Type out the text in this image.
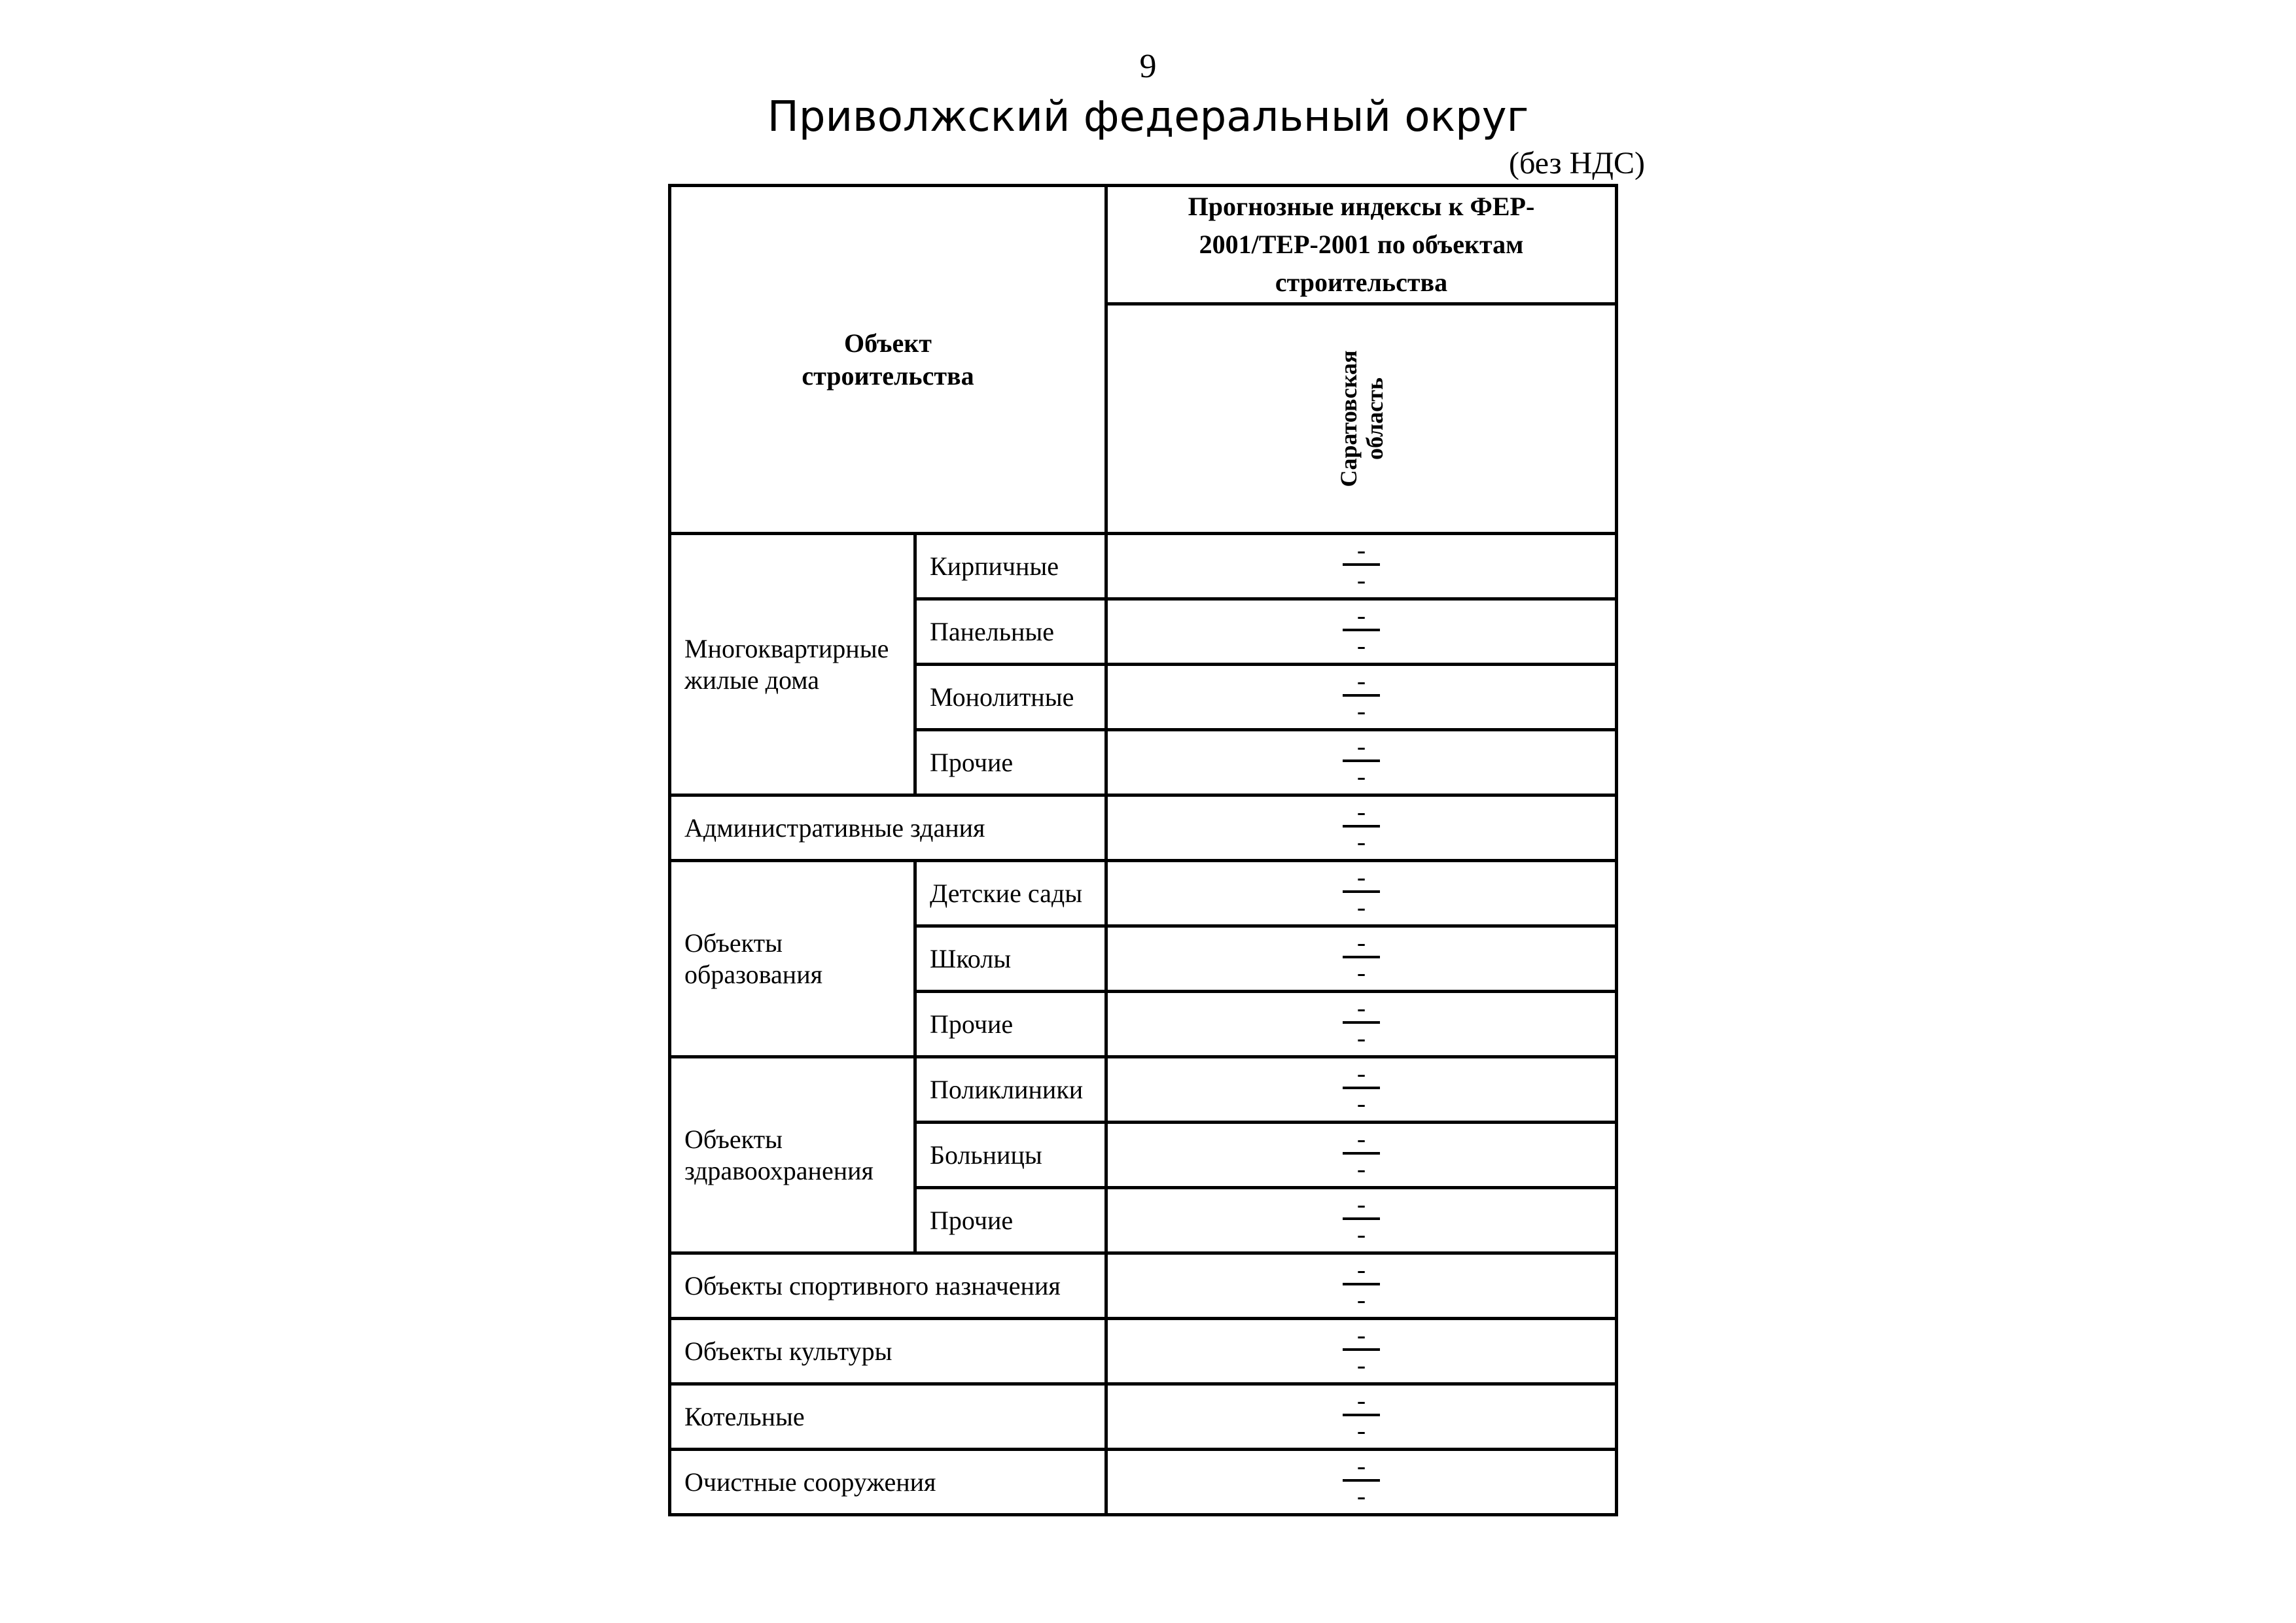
9
Приволжский федеральный округ
(без НДС)
Объект
строительства		Прогнозные индексы к ФЕР-
2001/ТЕР-2001 по объектам
строительства

		Саратовская
область

Многоквартирные
жилые дома	Кирпичные	$\frac{-}{-}$

	Панельные	$\frac{-}{-}$

	Монолитные	$\frac{-}{-}$

	Прочие	$\frac{-}{-}$

Административные здания		$\frac{-}{-}$

Объекты
образования	Детские сады	$\frac{-}{-}$

	Школы	$\frac{-}{-}$

	Прочие	$\frac{-}{-}$

Объекты
здравоохранения	Поликлиники	$\frac{-}{-}$

	Больницы	$\frac{-}{-}$

	Прочие	$\frac{-}{-}$

Объекты спортивного назначения		$\frac{-}{-}$

Объекты культуры		$\frac{-}{-}$

Котельные		$\frac{-}{-}$

Очистные сооружения		$\frac{-}{-}$
